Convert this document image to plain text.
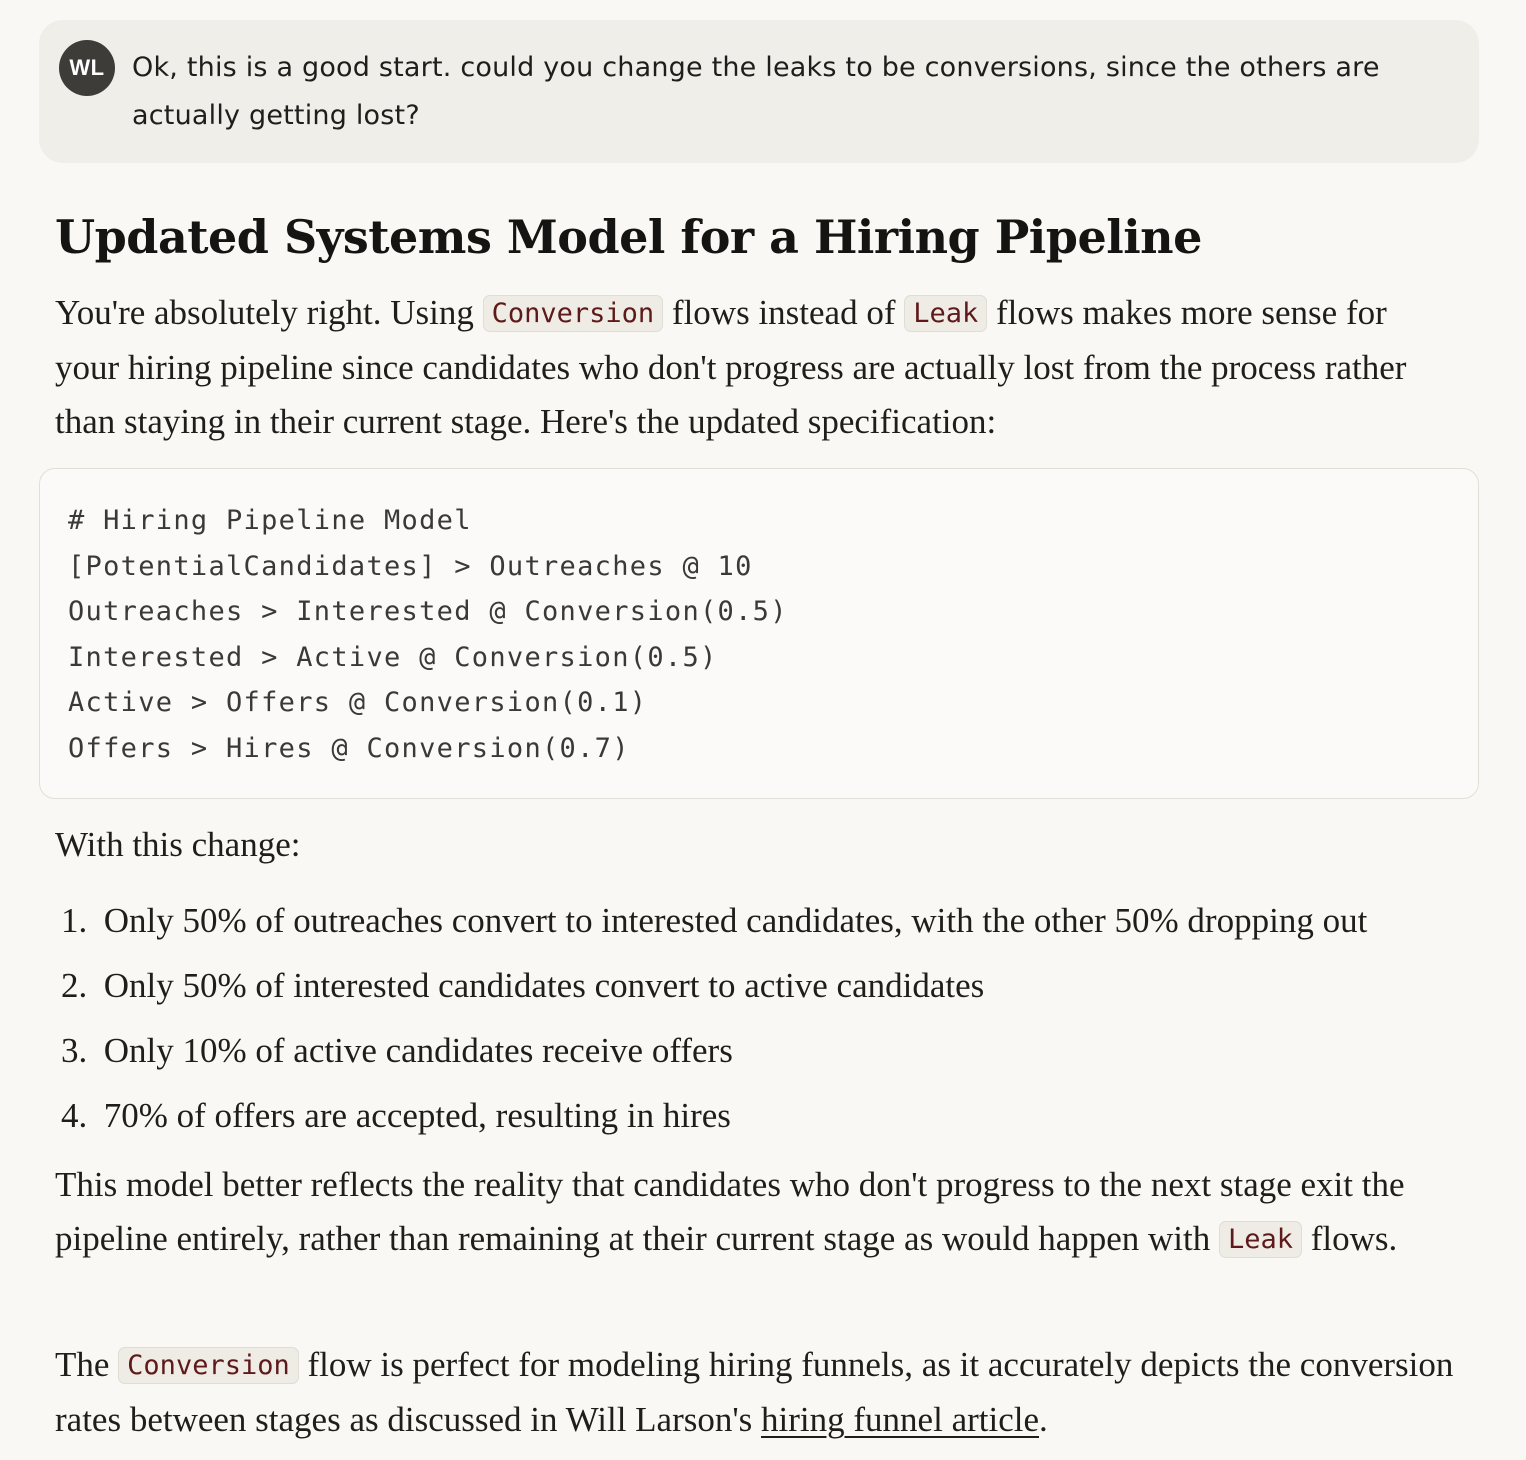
WL	Ok, this is a good start. could you change the leaks to be conversions, since the others are actually getting lost?

Updated Systems Model for a Hiring Pipeline

You're absolutely right. Using Conversion flows instead of Leak flows makes more sense for your hiring pipeline since candidates who don't progress are actually lost from the process rather than staying in their current stage. Here's the updated specification:

With this change:

1. Only 50% of outreaches convert to interested candidates, with the other 50% dropping out
2. Only 50% of interested candidates convert to active candidates
3. Only 10% of active candidates receive offers
4. 70% of offers are accepted, resulting in hires

This model better reflects the reality that candidates who don't progress to the next stage exit the pipeline entirely, rather than remaining at their current stage as would happen with Leak flows.

The Conversion flow is perfect for modeling hiring funnels, as it accurately depicts the conversion rates between stages as discussed in Will Larson's hiring funnel article.

# Hiring Pipeline Model
[PotentialCandidates] > Outreaches @ 10
Outreaches > Interested @ Conversion(0.5)
Interested > Active @ Conversion(0.5)
Active > Offers @ Conversion(0.1)
Offers > Hires @ Conversion(0.7)
